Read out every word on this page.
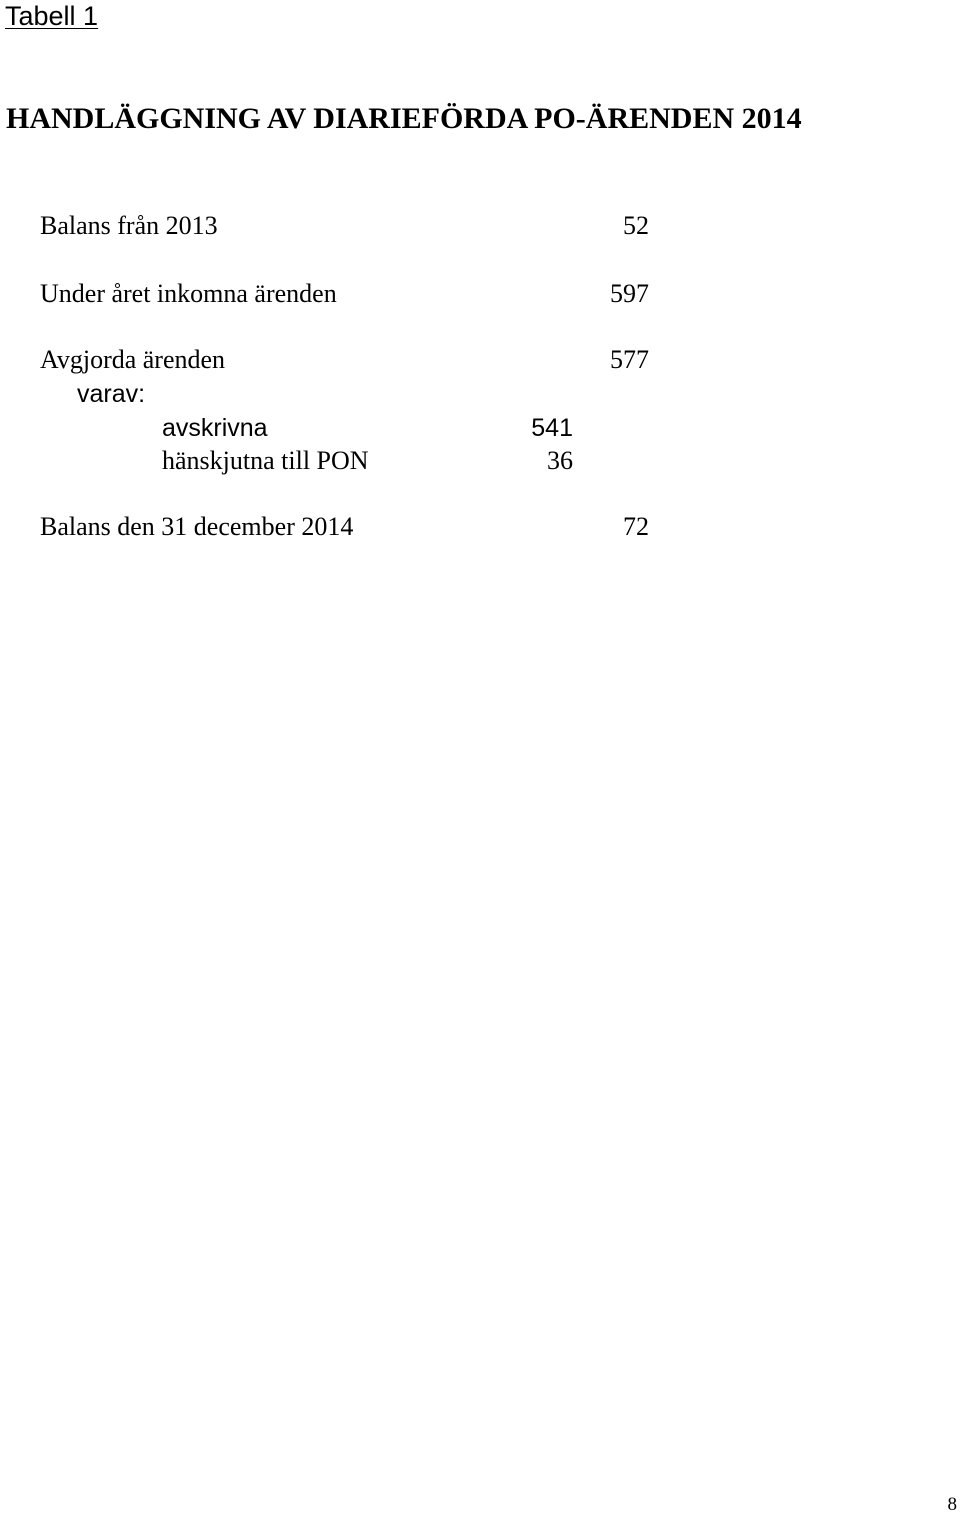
Tabell 1
HANDLÄGGNING AV DIARIEFÖRDA PO-ÄRENDEN 2014
Balans från 2013	52
Under året inkomna ärenden	597
Avgjorda ärenden	577
varav:
avskrivna	541
hänskjutna till PON	36
Balans den 31 december 2014	72
8
